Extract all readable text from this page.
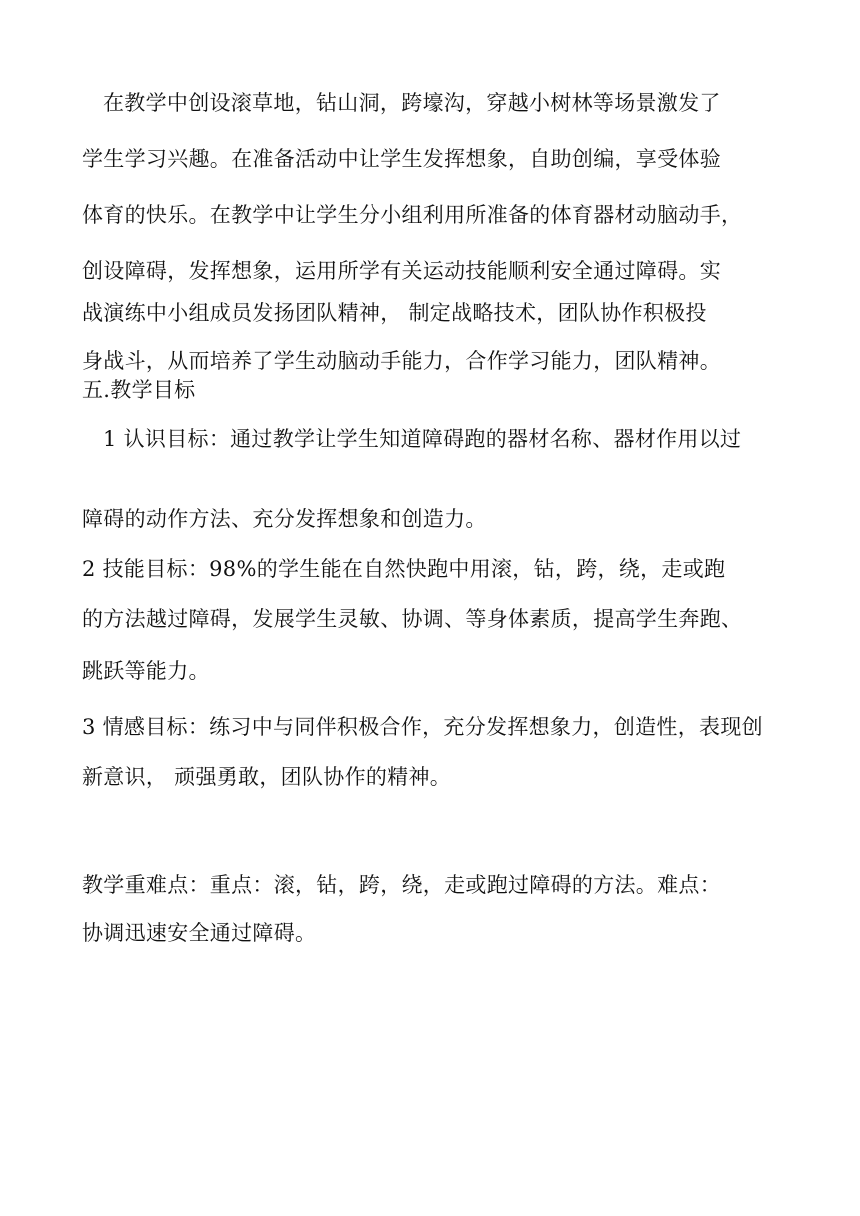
在教学中创设滚草地，钻山洞，跨壕沟，穿越小树林等场景激发了
学生学习兴趣。在准备活动中让学生发挥想象，自助创编，享受体验
体育的快乐。在教学中让学生分小组利用所准备的体育器材动脑动手，
创设障碍，发挥想象，运用所学有关运动技能顺利安全通过障碍。实
战演练中小组成员发扬团队精神， 制定战略技术，团队协作积极投
身战斗，从而培养了学生动脑动手能力，合作学习能力，团队精神。
五.教学目标
1 认识目标：通过教学让学生知道障碍跑的器材名称、器材作用以过
障碍的动作方法、充分发挥想象和创造力。
2 技能目标：98%的学生能在自然快跑中用滚，钻，跨，绕，走或跑
的方法越过障碍，发展学生灵敏、协调、等身体素质，提高学生奔跑、
跳跃等能力。
3 情感目标：练习中与同伴积极合作，充分发挥想象力，创造性，表现创
新意识， 顽强勇敢，团队协作的精神。
教学重难点：重点：滚，钻，跨，绕，走或跑过障碍的方法。难点：
协调迅速安全通过障碍。
